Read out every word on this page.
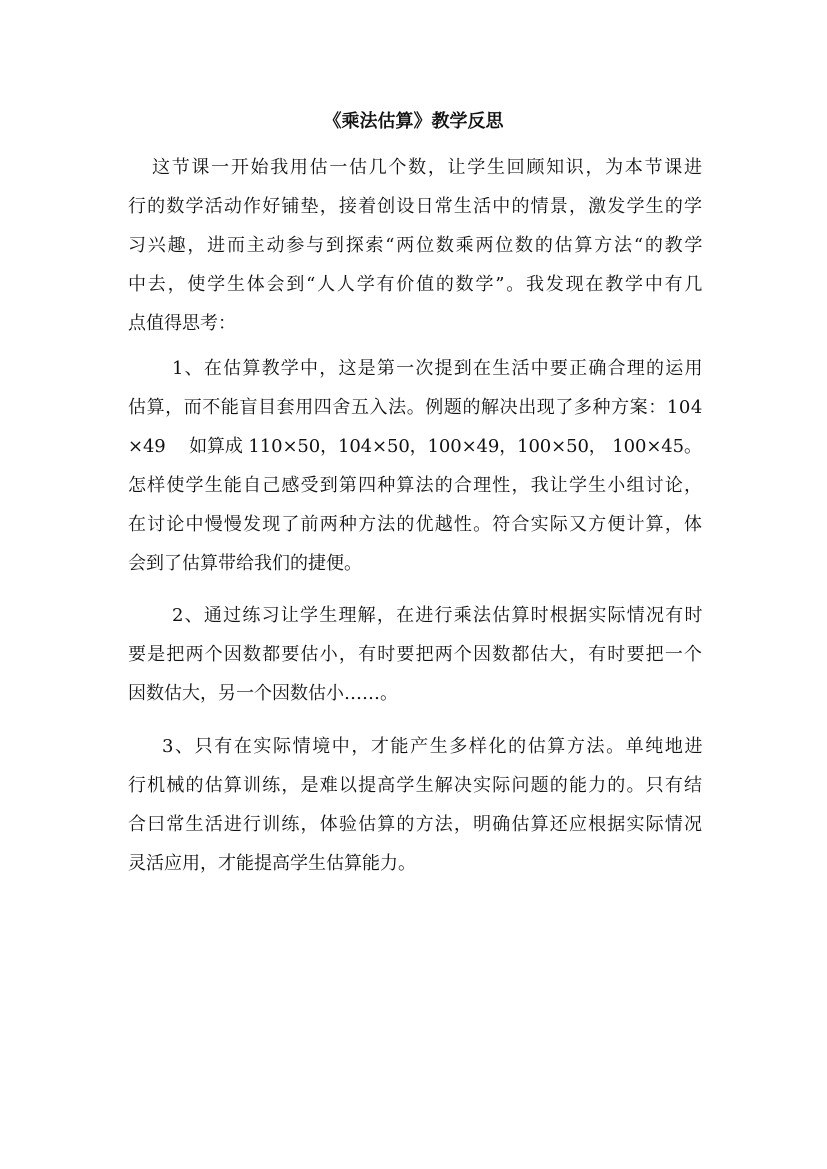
《乘法估算》教学反思

这节课一开始我用估一估几个数，让学生回顾知识，为本节课进

行的数学活动作好铺垫，接着创设日常生活中的情景，激发学生的学

习兴趣，进而主动参与到探索“两位数乘两位数的估算方法“的教学

中去，使学生体会到“人人学有价值的数学”。我发现在教学中有几

点值得思考：

1、在估算教学中，这是第一次提到在生活中要正确合理的运用

估算，而不能盲目套用四舍五入法。例题的解决出现了多种方案：104

×49　 如算成 110×50，104×50，100×49，100×50， 100×45。

怎样使学生能自己感受到第四种算法的合理性，我让学生小组讨论，

在讨论中慢慢发现了前两种方法的优越性。符合实际又方便计算，体

会到了估算带给我们的捷便。

2、通过练习让学生理解，在进行乘法估算时根据实际情况有时

要是把两个因数都要估小，有时要把两个因数都估大，有时要把一个

因数估大，另一个因数估小……。

3、只有在实际情境中，才能产生多样化的估算方法。单纯地进

行机械的估算训练，是难以提高学生解决实际问题的能力的。只有结

合曰常生活进行训练，体验估算的方法，明确估算还应根据实际情况

灵活应用，才能提高学生估算能力。
